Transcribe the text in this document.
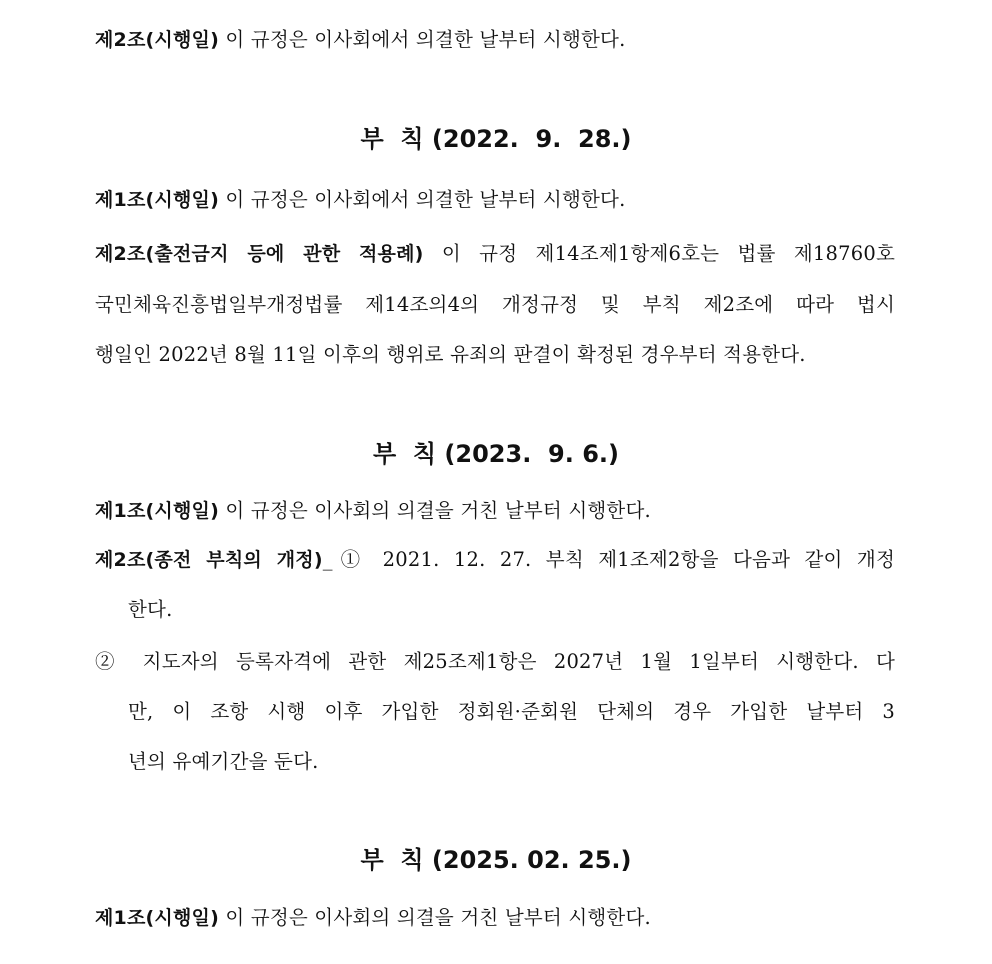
제2조(시행일) 이 규정은 이사회에서 의결한 날부터 시행한다.
부  칙 (2022.  9.  28.)
제1조(시행일) 이 규정은 이사회에서 의결한 날부터 시행한다.
제2조(출전금지 등에 관한 적용례) 이 규정 제14조제1항제6호는 법률 제18760호
국민체육진흥법일부개정법률 제14조의4의 개정규정 및 부칙 제2조에 따라 법시
행일인 2022년 8월 11일 이후의 행위로 유죄의 판결이 확정된 경우부터 적용한다.
부  칙 (2023.  9. 6.)
제1조(시행일) 이 규정은 이사회의 의결을 거친 날부터 시행한다.
제2조(종전 부칙의 개정)_① 2021. 12. 27. 부칙 제1조제2항을 다음과 같이 개정
한다.
② 지도자의 등록자격에 관한 제25조제1항은 2027년 1월 1일부터 시행한다. 다
만, 이 조항 시행 이후 가입한 정회원·준회원 단체의 경우 가입한 날부터 3
년의 유예기간을 둔다.
부  칙 (2025. 02. 25.)
제1조(시행일) 이 규정은 이사회의 의결을 거친 날부터 시행한다.
